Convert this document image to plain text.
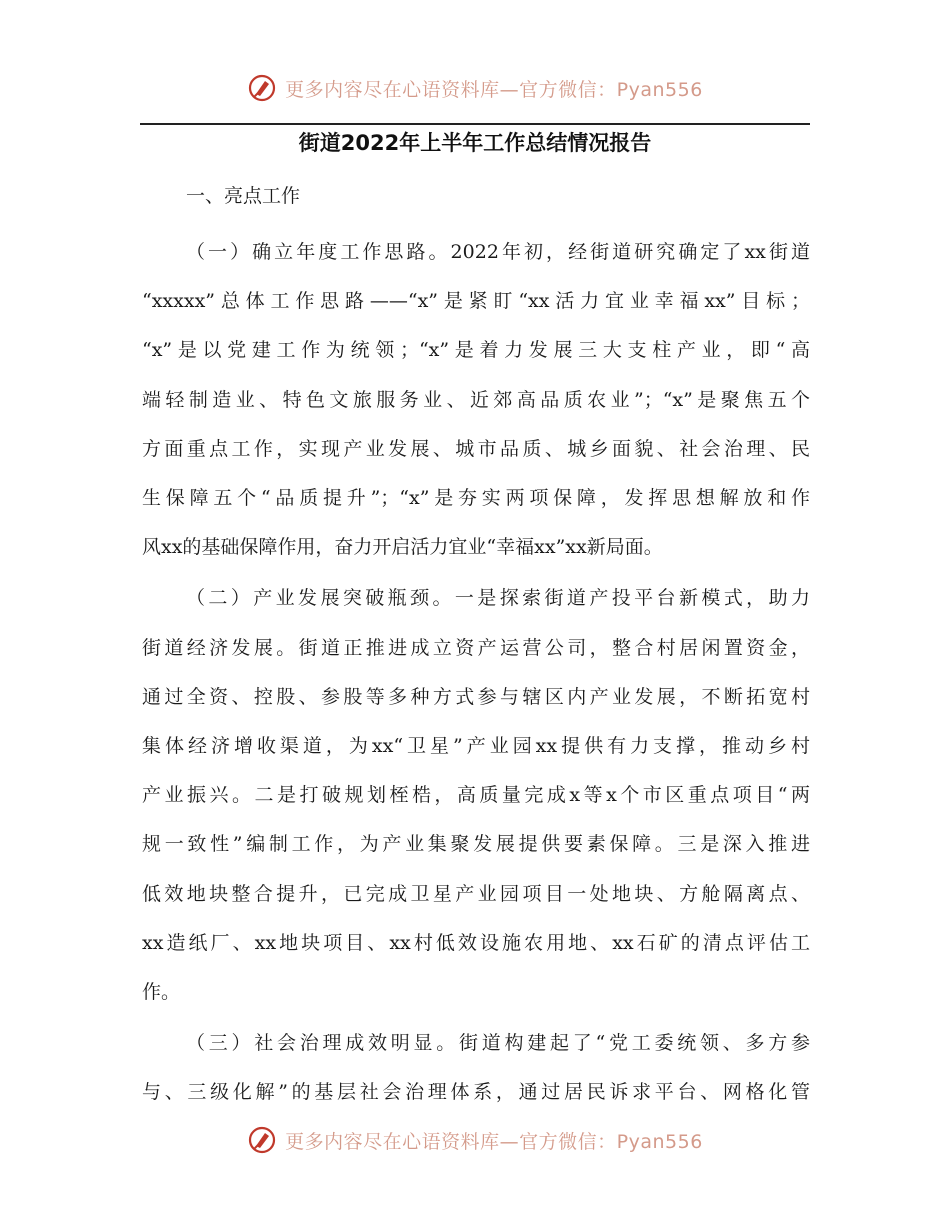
更多内容尽在心语资料库—官方微信：Pyan556
街道2022年上半年工作总结情况报告
一、亮点工作
（一）确立年度工作思路。2022年初，经街道研究确定了xx街道
“xxxxx”总体工作思路——“x”是紧盯“xx活力宜业幸福xx”目标；
“x”是以党建工作为统领；“x”是着力发展三大支柱产业，即“高
端轻制造业、特色文旅服务业、近郊高品质农业”；“x”是聚焦五个
方面重点工作，实现产业发展、城市品质、城乡面貌、社会治理、民
生保障五个“品质提升”；“x”是夯实两项保障，发挥思想解放和作
风xx的基础保障作用，奋力开启活力宜业“幸福xx”xx新局面。
（二）产业发展突破瓶颈。一是探索街道产投平台新模式，助力
街道经济发展。街道正推进成立资产运营公司，整合村居闲置资金，
通过全资、控股、参股等多种方式参与辖区内产业发展，不断拓宽村
集体经济增收渠道，为xx“卫星”产业园xx提供有力支撑，推动乡村
产业振兴。二是打破规划桎梏，高质量完成x等x个市区重点项目“两
规一致性”编制工作，为产业集聚发展提供要素保障。三是深入推进
低效地块整合提升，已完成卫星产业园项目一处地块、方舱隔离点、
xx造纸厂、xx地块项目、xx村低效设施农用地、xx石矿的清点评估工
作。
（三）社会治理成效明显。街道构建起了“党工委统领、多方参
与、三级化解”的基层社会治理体系，通过居民诉求平台、网格化管
更多内容尽在心语资料库—官方微信：Pyan556
